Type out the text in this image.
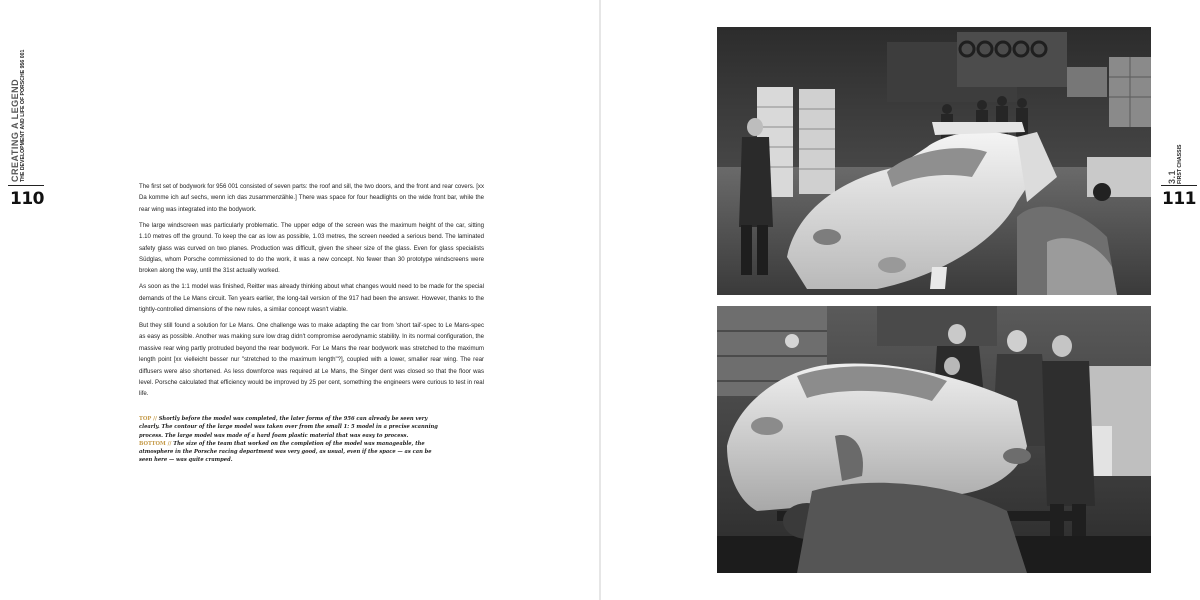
CREATING A LEGEND THE DEVELOPMENT AND LIFE OF PORSCHE 956 001
110

The first set of bodywork for 956 001 consisted of seven parts: the roof and sill, the two doors, and the front and rear covers. [xx Da komme ich auf sechs, wenn ich das zusammenzähle.] There was space for four headlights on the wide front bar, while the rear wing was integrated into the bodywork.

The large windscreen was particularly problematic. The upper edge of the screen was the maximum height of the car, sitting 1.10 metres off the ground. To keep the car as low as possible, 1.03 metres, the screen needed a serious bend. The laminated safety glass was curved on two planes. Production was difficult, given the sheer size of the glass. Even for glass specialists Südglas, whom Porsche commissioned to do the work, it was a new concept. No fewer than 30 prototype windscreens were broken along the way, until the 31st actually worked.

As soon as the 1:1 model was finished, Reitter was already thinking about what changes would need to be made for the special demands of the Le Mans circuit. Ten years earlier, the long-tail version of the 917 had been the answer. However, thanks to the tightly-controlled dimensions of the new rules, a similar concept wasn't viable.

But they still found a solution for Le Mans. One challenge was to make adapting the car from 'short tail'-spec to Le Mans-spec as easy as possible. Another was making sure low drag didn't compromise aerodynamic stability. In its normal configuration, the massive rear wing partly protruded beyond the rear bodywork. For Le Mans the rear bodywork was stretched to the maximum length point [xx vielleicht besser nur "stretched to the maximum length"?], coupled with a lower, smaller rear wing. The rear diffusers were also shortened. As less downforce was required at Le Mans, the Singer dent was closed so that the floor was level. Porsche calculated that efficiency would be improved by 25 per cent, something the engineers were curious to test in real life.

TOP // Shortly before the model was completed, the later forms of the 956 can already be seen very clearly. The contour of the large model was taken over from the small 1: 5 model in a precise scanning process. The large model was made of a hard foam plastic material that was easy to process.

BOTTOM // The size of the team that worked on the completion of the model was manageable, the atmosphere in the Porsche racing department was very good, as usual, even if the space — as can be seen here — was quite cramped.

3.1 FIRST CHASSIS
111
